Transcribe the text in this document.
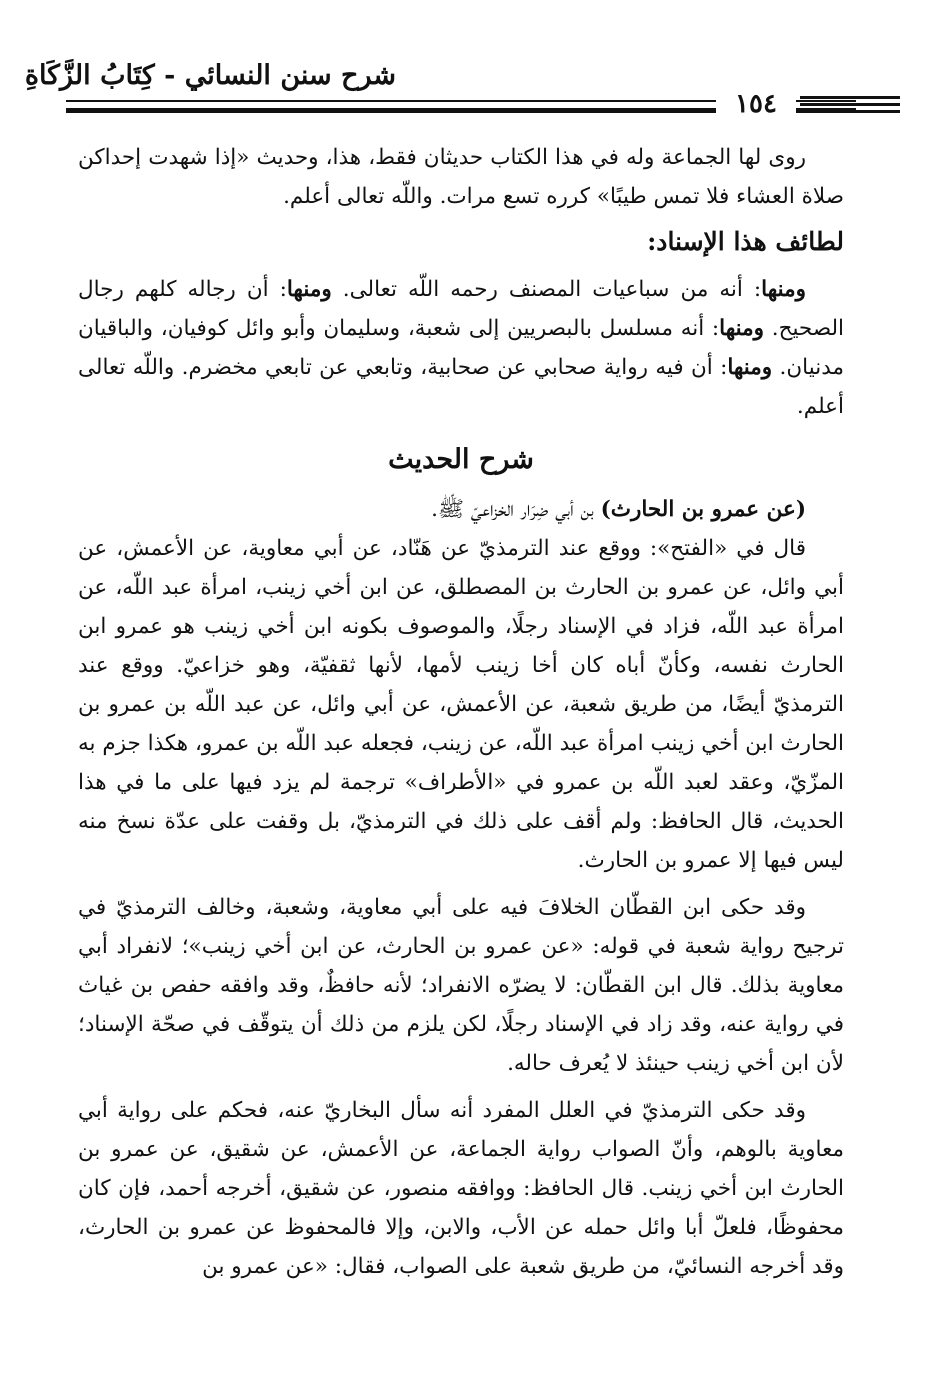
شرح سنن النسائي - كِتَابُ الزَّكَاةِ
١٥٤

روى لها الجماعة وله في هذا الكتاب حديثان فقط، هذا، وحديث «إذا شهدت إحداكن صلاة العشاء فلا تمس طيبًا» كرره تسع مرات. واللّه تعالى أعلم.

لطائف هذا الإسناد:

ومنها: أنه من سباعيات المصنف رحمه اللّه تعالى. ومنها: أن رجاله كلهم رجال الصحيح. ومنها: أنه مسلسل بالبصريين إلى شعبة، وسليمان وأبو وائل كوفيان، والباقيان مدنيان. ومنها: أن فيه رواية صحابي عن صحابية، وتابعي عن تابعي مخضرم. واللّه تعالى أعلم.

شرح الحديث

(عن عمرو بن الحارث) بن أبي ضِرَار الخزاعيّ ﷺ.

قال في «الفتح»: ووقع عند الترمذيّ عن هَنّاد، عن أبي معاوية، عن الأعمش، عن أبي وائل، عن عمرو بن الحارث بن المصطلق، عن ابن أخي زينب، امرأة عبد اللّه، عن امرأة عبد اللّه، فزاد في الإسناد رجلًا، والموصوف بكونه ابن أخي زينب هو عمرو ابن الحارث نفسه، وكأنّ أباه كان أخا زينب لأمها، لأنها ثقفيّة، وهو خزاعيّ. ووقع عند الترمذيّ أيضًا، من طريق شعبة، عن الأعمش، عن أبي وائل، عن عبد اللّه بن عمرو بن الحارث ابن أخي زينب امرأة عبد اللّه، عن زينب، فجعله عبد اللّه بن عمرو، هكذا جزم به المزّيّ، وعقد لعبد اللّه بن عمرو في «الأطراف» ترجمة لم يزد فيها على ما في هذا الحديث، قال الحافظ: ولم أقف على ذلك في الترمذيّ، بل وقفت على عدّة نسخ منه ليس فيها إلا عمرو بن الحارث.

وقد حكى ابن القطّان الخلافَ فيه على أبي معاوية، وشعبة، وخالف الترمذيّ في ترجيح رواية شعبة في قوله: «عن عمرو بن الحارث، عن ابن أخي زينب»؛ لانفراد أبي معاوية بذلك. قال ابن القطّان: لا يضرّه الانفراد؛ لأنه حافظٌ، وقد وافقه حفص بن غياث في رواية عنه، وقد زاد في الإسناد رجلًا، لكن يلزم من ذلك أن يتوقّف في صحّة الإسناد؛ لأن ابن أخي زينب حينئذ لا يُعرف حاله.

وقد حكى الترمذيّ في العلل المفرد أنه سأل البخاريّ عنه، فحكم على رواية أبي معاوية بالوهم، وأنّ الصواب رواية الجماعة، عن الأعمش، عن شقيق، عن عمرو بن الحارث ابن أخي زينب. قال الحافظ: ووافقه منصور، عن شقيق، أخرجه أحمد، فإن كان محفوظًا، فلعلّ أبا وائل حمله عن الأب، والابن، وإلا فالمحفوظ عن عمرو بن الحارث، وقد أخرجه النسائيّ، من طريق شعبة على الصواب، فقال: «عن عمرو بن
